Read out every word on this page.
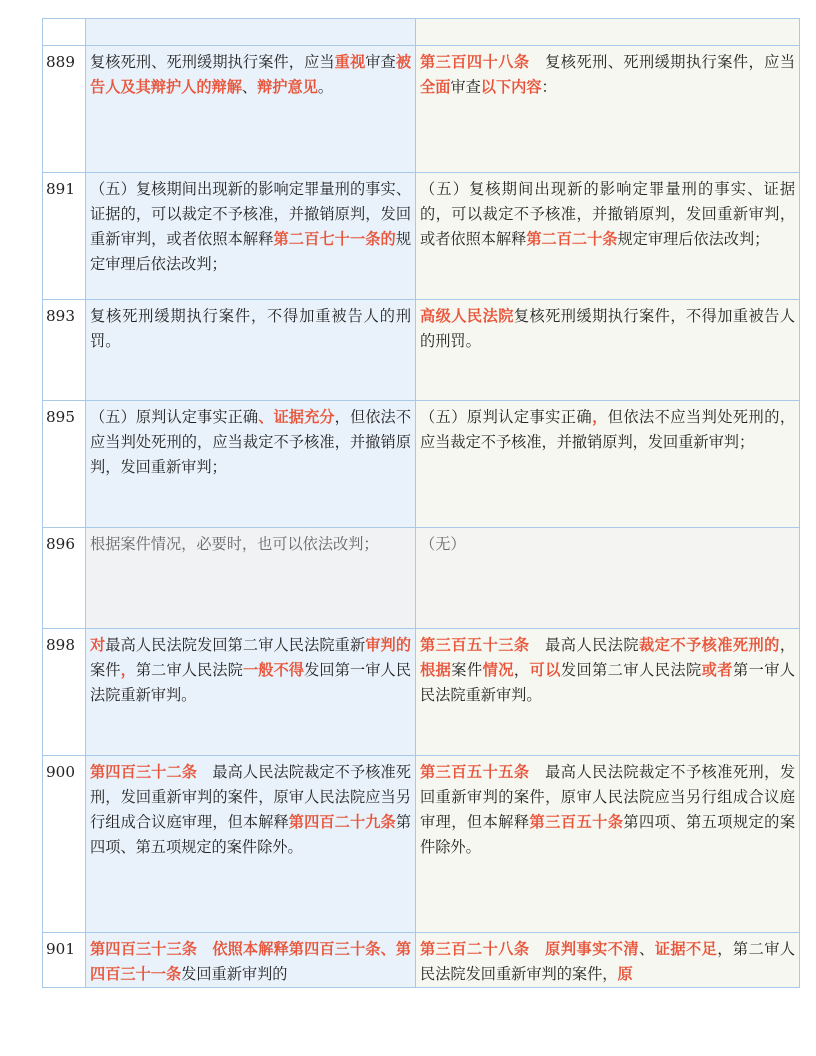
889	复核死刑、死刑缓期执行案件，应当重视审查被告人及其辩护人的辩解、辩护意见。	第三百四十八条　复核死刑、死刑缓期执行案件，应当全面审查以下内容：
891	（五）复核期间出现新的影响定罪量刑的事实、证据的，可以裁定不予核准，并撤销原判，发回重新审判，或者依照本解释第二百七十一条的规定审理后依法改判；	（五）复核期间出现新的影响定罪量刑的事实、证据的，可以裁定不予核准，并撤销原判，发回重新审判，或者依照本解释第二百二十条规定审理后依法改判；
893	复核死刑缓期执行案件，不得加重被告人的刑罚。	高级人民法院复核死刑缓期执行案件，不得加重被告人的刑罚。
895	（五）原判认定事实正确、证据充分，但依法不应当判处死刑的，应当裁定不予核准，并撤销原判，发回重新审判；	（五）原判认定事实正确，但依法不应当判处死刑的，应当裁定不予核准，并撤销原判，发回重新审判；
896	根据案件情况，必要时，也可以依法改判；	（无）
898	对最高人民法院发回第二审人民法院重新审判的案件，第二审人民法院一般不得发回第一审人民法院重新审判。	第三百五十三条　最高人民法院裁定不予核准死刑的，根据案件情况，可以发回第二审人民法院或者第一审人民法院重新审判。
900	第四百三十二条　最高人民法院裁定不予核准死刑，发回重新审判的案件，原审人民法院应当另行组成合议庭审理，但本解释第四百二十九条第四项、第五项规定的案件除外。	第三百五十五条　最高人民法院裁定不予核准死刑，发回重新审判的案件，原审人民法院应当另行组成合议庭审理，但本解释第三百五十条第四项、第五项规定的案件除外。
901	第四百三十三条　依照本解释第四百三十条、第四百三十一条发回重新审判的	第三百二十八条　 原判事实不清、证据不足，第二审人民法院发回重新审判的案件，原
